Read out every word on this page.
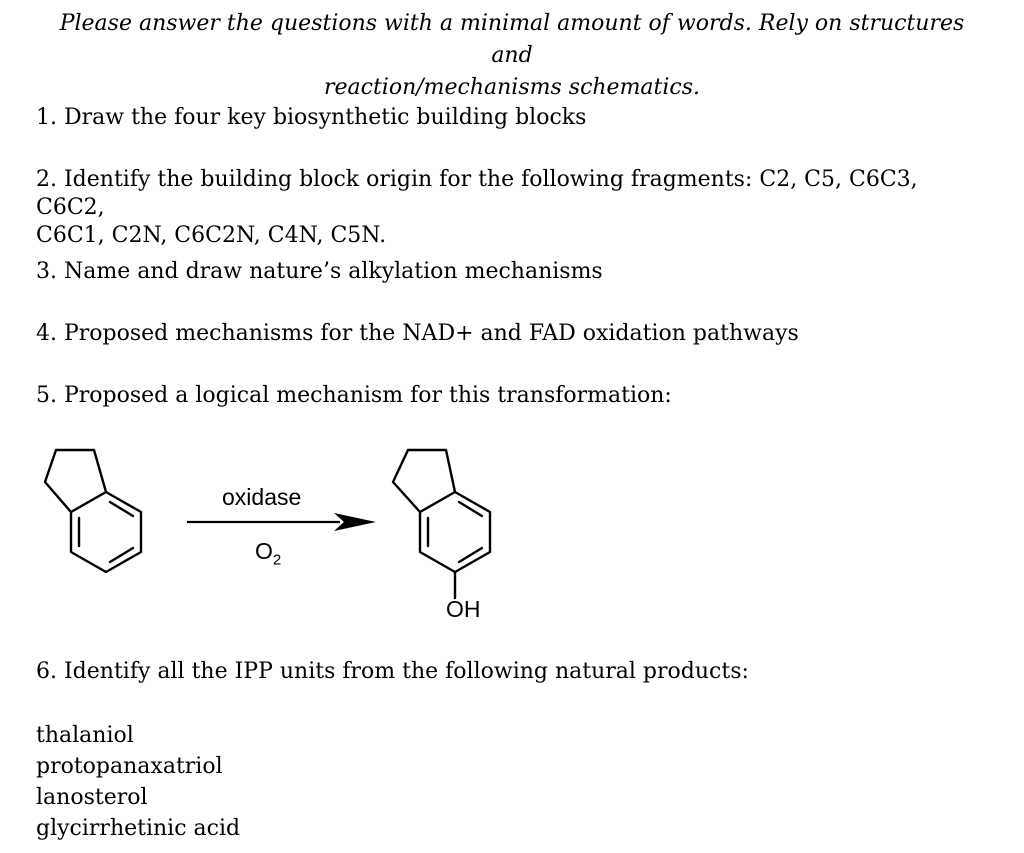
Please answer the questions with a minimal amount of words. Rely on structures and
reaction/mechanisms schematics.
1. Draw the four key biosynthetic building blocks
2. Identify the building block origin for the following fragments: C2, C5, C6C3, C6C2,
C6C1, C2N, C6C2N, C4N, C5N.
3. Name and draw nature’s alkylation mechanisms
4. Proposed mechanisms for the NAD+ and FAD oxidation pathways
5. Proposed a logical mechanism for this transformation:
oxidase
$O_2$
OH
6. Identify all the IPP units from the following natural products:
thalaniol
protopanaxatriol
lanosterol
glycirrhetinic acid
